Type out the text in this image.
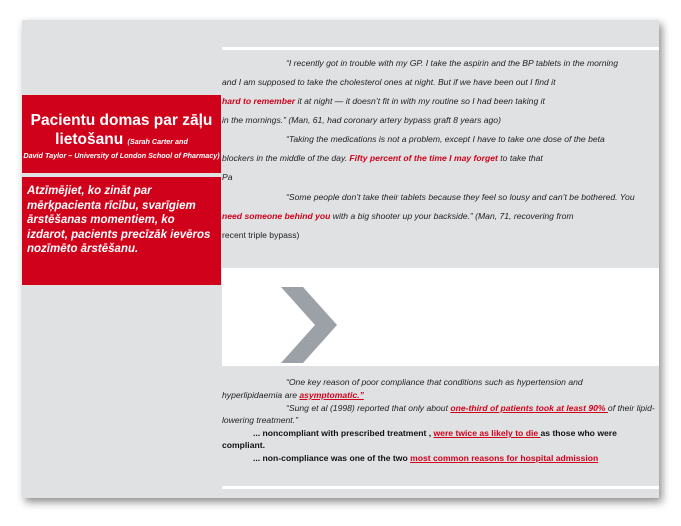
Pacientu domas par zāļu lietošanu (Sarah Carter and
David Taylor – University of London School of Pharmacy)
Atzīmējiet, ko zināt par mērķpacienta rīcību, svarīgiem ārstēšanas momentiem, ko izdarot, pacients precīzāk ievēros nozīmēto ārstēšanu.
“I recently got in trouble with my GP. I take the aspirin and the BP tablets in the morning
and I am supposed to take the cholesterol ones at night. But if we have been out I find it
hard to remember it at night — it doesn’t fit in with my routine so I had been taking it
in the mornings.” (Man, 61, had coronary artery bypass graft 8 years ago)
“Taking the medications is not a problem, except I have to take one dose of the beta
blockers in the middle of the day. Fifty percent of the time I may forget to take that
Pa
“Some people don’t take their tablets because they feel so lousy and can’t be bothered. You
need someone behind you with a big shooter up your backside.” (Man, 71, recovering from
recent triple bypass)
“One key reason of poor compliance that conditions such as hypertension and
hyperlipidaemia are asymptomatic.”
“Sung et al (1998) reported that only about one-third of patients took at least 90% of their lipid-
lowering treatment.”
... noncompliant with prescribed treatment , were twice as likely to die as those who were
compliant.
... non-compliance was one of the two most common reasons for hospital admission
